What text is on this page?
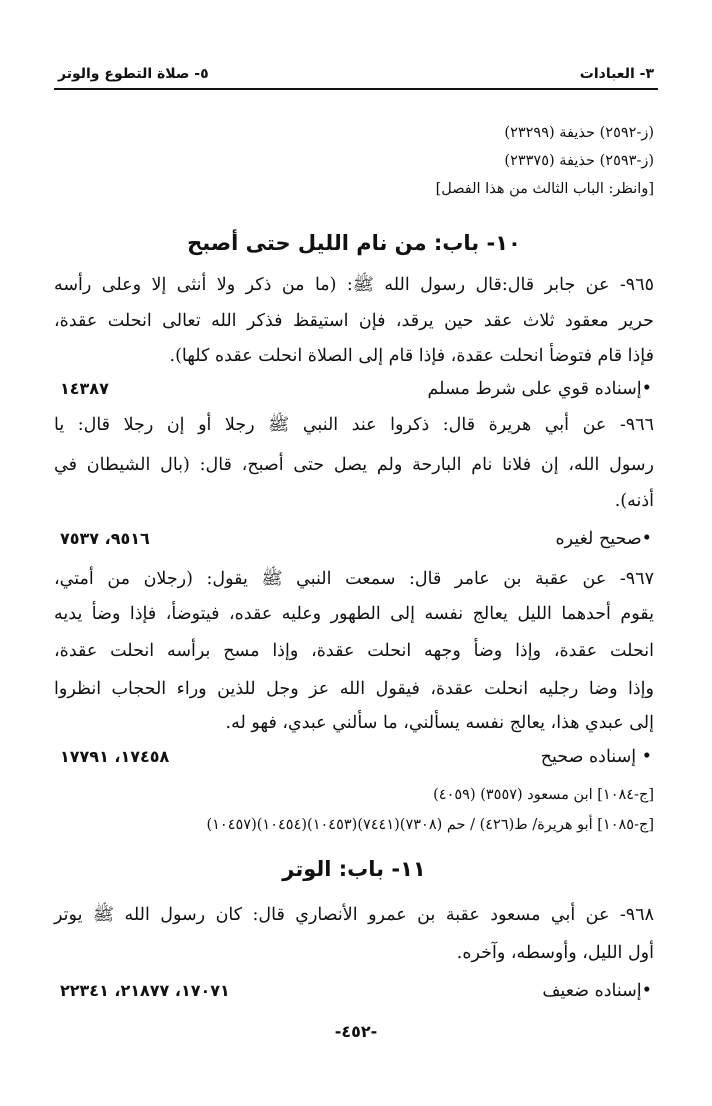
٣- العبادات
٥- صلاة التطوع والوتر
(ز-٢٥٩٢) حذيفة (٢٣٢٩٩)
(ز-٢٥٩٣) حذيفة (٢٣٣٧٥)
[وانظر: الباب الثالث من هذا الفصل]
١٠- باب: من نام الليل حتى أصبح
٩٦٥- عن جابر قال:قال رسول الله ﷺ: (ما من ذكر ولا أنثى إلا وعلى رأسه
حرير معقود ثلاث عقد حين يرقد، فإن استيقظ فذكر الله تعالى انحلت عقدة،
فإذا قام فتوضأ انحلت عقدة، فإذا قام إلى الصلاة انحلت عقده كلها).
•إسناده قوي على شرط مسلم
١٤٣٨٧
٩٦٦- عن أبي هريرة قال: ذكروا عند النبي ﷺ رجلا أو إن رجلا قال: يا
رسول الله، إن فلانا نام البارحة ولم يصل حتى أصبح، قال: (بال الشيطان في
أذنه).
•صحيح لغيره
٩٥١٦، ٧٥٣٧
٩٦٧- عن عقبة بن عامر قال: سمعت النبي ﷺ يقول: (رجلان من أمتي،
يقوم أحدهما الليل يعالج نفسه إلى الطهور وعليه عقده، فيتوضأ، فإذا وضأ يديه
انحلت عقدة، وإذا وضأ وجهه انحلت عقدة، وإذا مسح برأسه انحلت عقدة،
وإذا وضا رجليه انحلت عقدة، فيقول الله عز وجل للذين وراء الحجاب انظروا
إلى عبدي هذا، يعالج نفسه يسألني، ما سألني عبدي، فهو له.
• إسناده صحيح
١٧٤٥٨، ١٧٧٩١
[ج-١٠٨٤] ابن مسعود (٣٥٥٧) (٤٠٥٩)
[ج-١٠٨٥] أبو هريرة/ ط(٤٢٦) / حم (٧٣٠٨)(٧٤٤١)(١٠٤٥٣)(١٠٤٥٤)(١٠٤٥٧)
١١- باب: الوتر
٩٦٨- عن أبي مسعود عقبة بن عمرو الأنصاري قال: كان رسول الله ﷺ يوتر
أول الليل، وأوسطه، وآخره.
•إسناده ضعيف
١٧٠٧١، ٢١٨٧٧، ٢٢٣٤١
-٤٥٢-
